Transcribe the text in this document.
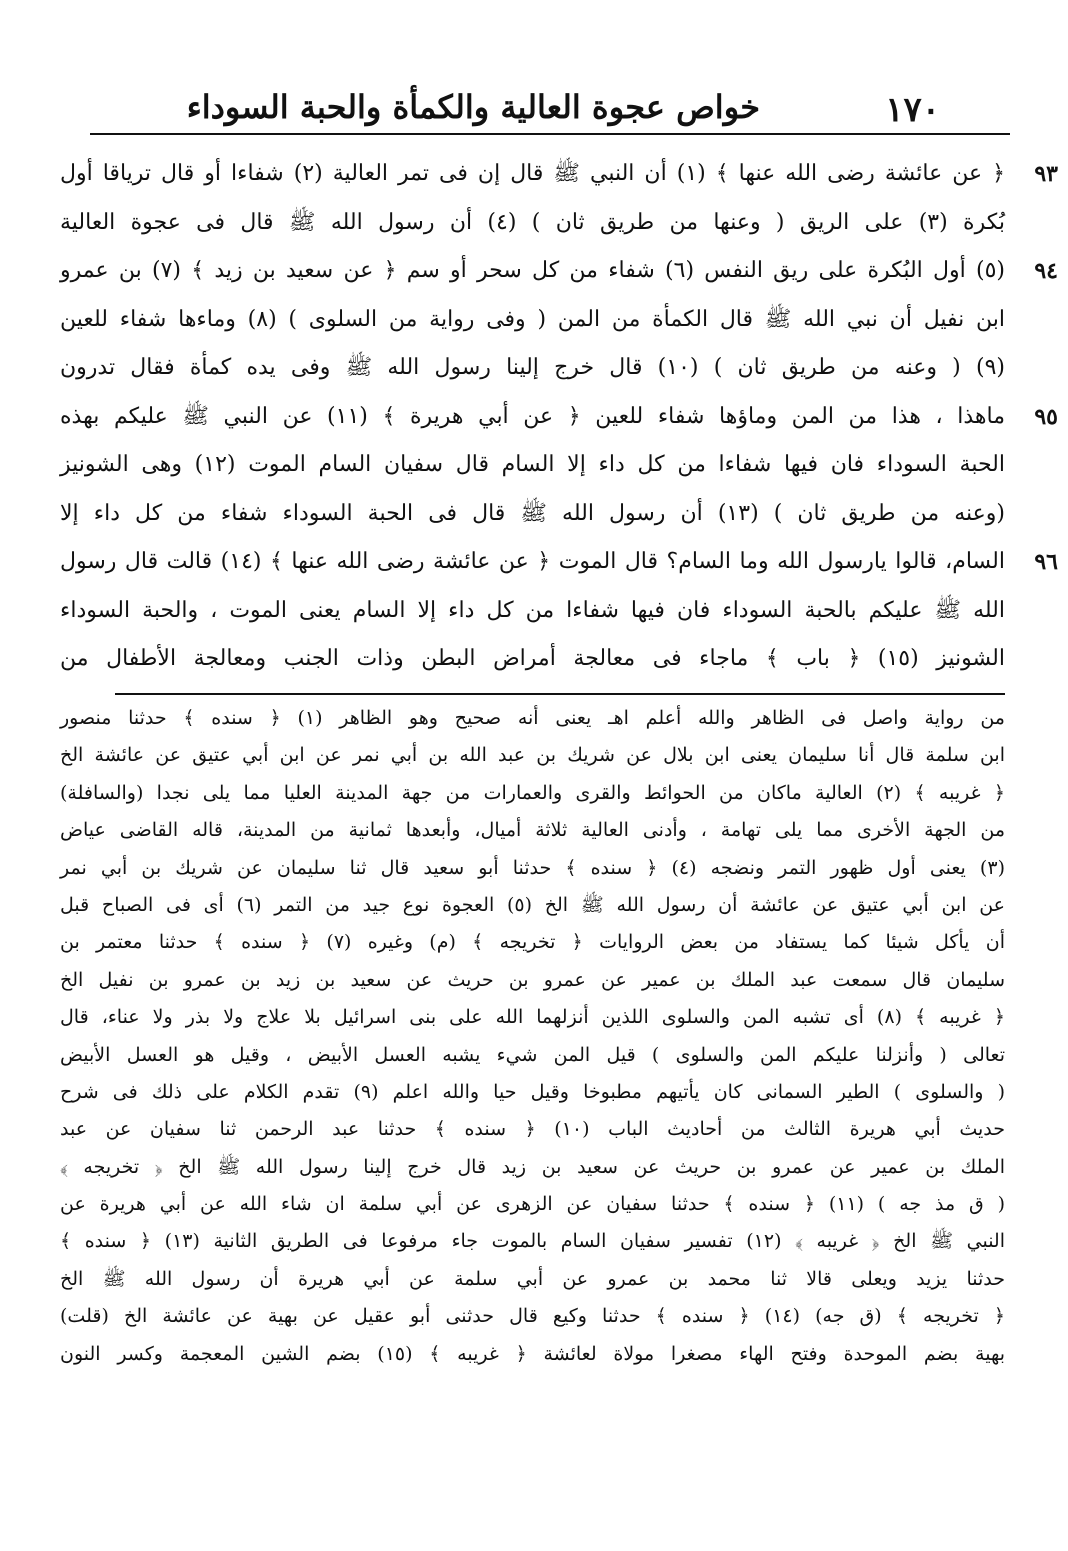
١٧٠
خواص عجوة العالية والكمأة والحبة السوداء
٩٣
﴿ عن عائشة رضى الله عنها ﴾ (١) أن النبي ﷺ قال إن فى تمر العالية (٢) شفاءا أو قال ترياقا أول
بُكرة (٣) على الريق ( وعنها من طريق ثان ) (٤) أن رسول الله ﷺ قال فى عجوة العالية
٩٤
(٥) أول البُكرة على ريق النفس (٦) شفاء من كل سحر أو سم ﴿ عن سعيد بن زيد ﴾ (٧) بن عمرو
ابن نفيل أن نبي الله ﷺ قال الكمأة من المن ( وفى رواية من السلوى ) (٨) وماءها شفاء للعين
(٩) ( وعنه من طريق ثان ) (١٠) قال خرج إلينا رسول الله ﷺ وفى يده كمأة فقال تدرون
٩٥
ماهذا ، هذا من المن وماؤها شفاء للعين ﴿ عن أبي هريرة ﴾ (١١) عن النبي ﷺ عليكم بهذه
الحبة السوداء فان فيها شفاءا من كل داء إلا السام قال سفيان السام الموت (١٢) وهى الشونيز
(وعنه من طريق ثان ) (١٣) أن رسول الله ﷺ قال فى الحبة السوداء شفاء من كل داء إلا
٩٦
السام، قالوا يارسول الله وما السام؟ قال الموت ﴿ عن عائشة رضى الله عنها ﴾ (١٤) قالت قال رسول
الله ﷺ عليكم بالحبة السوداء فان فيها شفاءا من كل داء إلا السام يعنى الموت ، والحبة السوداء
الشونيز (١٥) ﴿ باب ﴾ ماجاء فى معالجة أمراض البطن وذات الجنب ومعالجة الأطفال من
من رواية واصل فى الظاهر والله أعلم اهـ يعنى أنه صحيح وهو الظاهر (١) ﴿ سنده ﴾ حدثنا منصور
ابن سلمة قال أنا سليمان يعنى ابن بلال عن شريك بن عبد الله بن أبي نمر عن ابن أبي عتيق عن عائشة الخ
﴿ غريبه ﴾ (٢) العالية ماكان من الحوائط والقرى والعمارات من جهة المدينة العليا مما يلى نجدا (والسافلة)
من الجهة الأخرى مما يلى تهامة ، وأدنى العالية ثلاثة أميال، وأبعدها ثمانية من المدينة، قاله القاضى عياض
(٣) يعنى أول ظهور التمر ونضجه (٤) ﴿ سنده ﴾ حدثنا أبو سعيد قال ثنا سليمان عن شريك بن أبي نمر
عن ابن أبي عتيق عن عائشة أن رسول الله ﷺ الخ (٥) العجوة نوع جيد من التمر (٦) أى فى الصباح قبل
أن يأكل شيئا كما يستفاد من بعض الروايات ﴿ تخريجه ﴾ (م) وغيره (٧) ﴿ سنده ﴾ حدثنا معتمر بن
سليمان قال سمعت عبد الملك بن عمير عن عمرو بن حريث عن سعيد بن زيد بن عمرو بن نفيل الخ
﴿ غريبه ﴾ (٨) أى تشبه المن والسلوى اللذين أنزلهما الله على بنى اسرائيل بلا علاج ولا بذر ولا عناء، قال
تعالى ( وأنزلنا عليكم المن والسلوى ) قيل المن شيء يشبه العسل الأبيض ، وقيل هو العسل الأبيض
( والسلوى ) الطير السمانى كان يأتيهم مطبوخا وقيل حيا والله اعلم (٩) تقدم الكلام على ذلك فى شرح
حديث أبي هريرة الثالث من أحاديث الباب (١٠) ﴿ سنده ﴾ حدثنا عبد الرحمن ثنا سفيان عن عبد
الملك بن عمير عن عمرو بن حريث عن سعيد بن زيد قال خرج إلينا رسول الله ﷺ الخ ﴿ تخريجه ﴾
( ق مذ جه ) (١١) ﴿ سنده ﴾ حدثنا سفيان عن الزهرى عن أبي سلمة ان شاء الله عن أبي هريرة عن
النبي ﷺ الخ ﴿ غريبه ﴾ (١٢) تفسير سفيان السام بالموت جاء مرفوعا فى الطريق الثانية (١٣) ﴿ سنده ﴾
حدثنا يزيد ويعلى قالا ثنا محمد بن عمرو عن أبي سلمة عن أبي هريرة أن رسول الله ﷺ الخ
﴿ تخريجه ﴾ (ق جه) (١٤) ﴿ سنده ﴾ حدثنا وكيع قال حدثنى أبو عقيل عن بهية عن عائشة الخ (قلت)
بهية بضم الموحدة وفتح الهاء مصغرا مولاة لعائشة ﴿ غريبه ﴾ (١٥) بضم الشين المعجمة وكسر النون
